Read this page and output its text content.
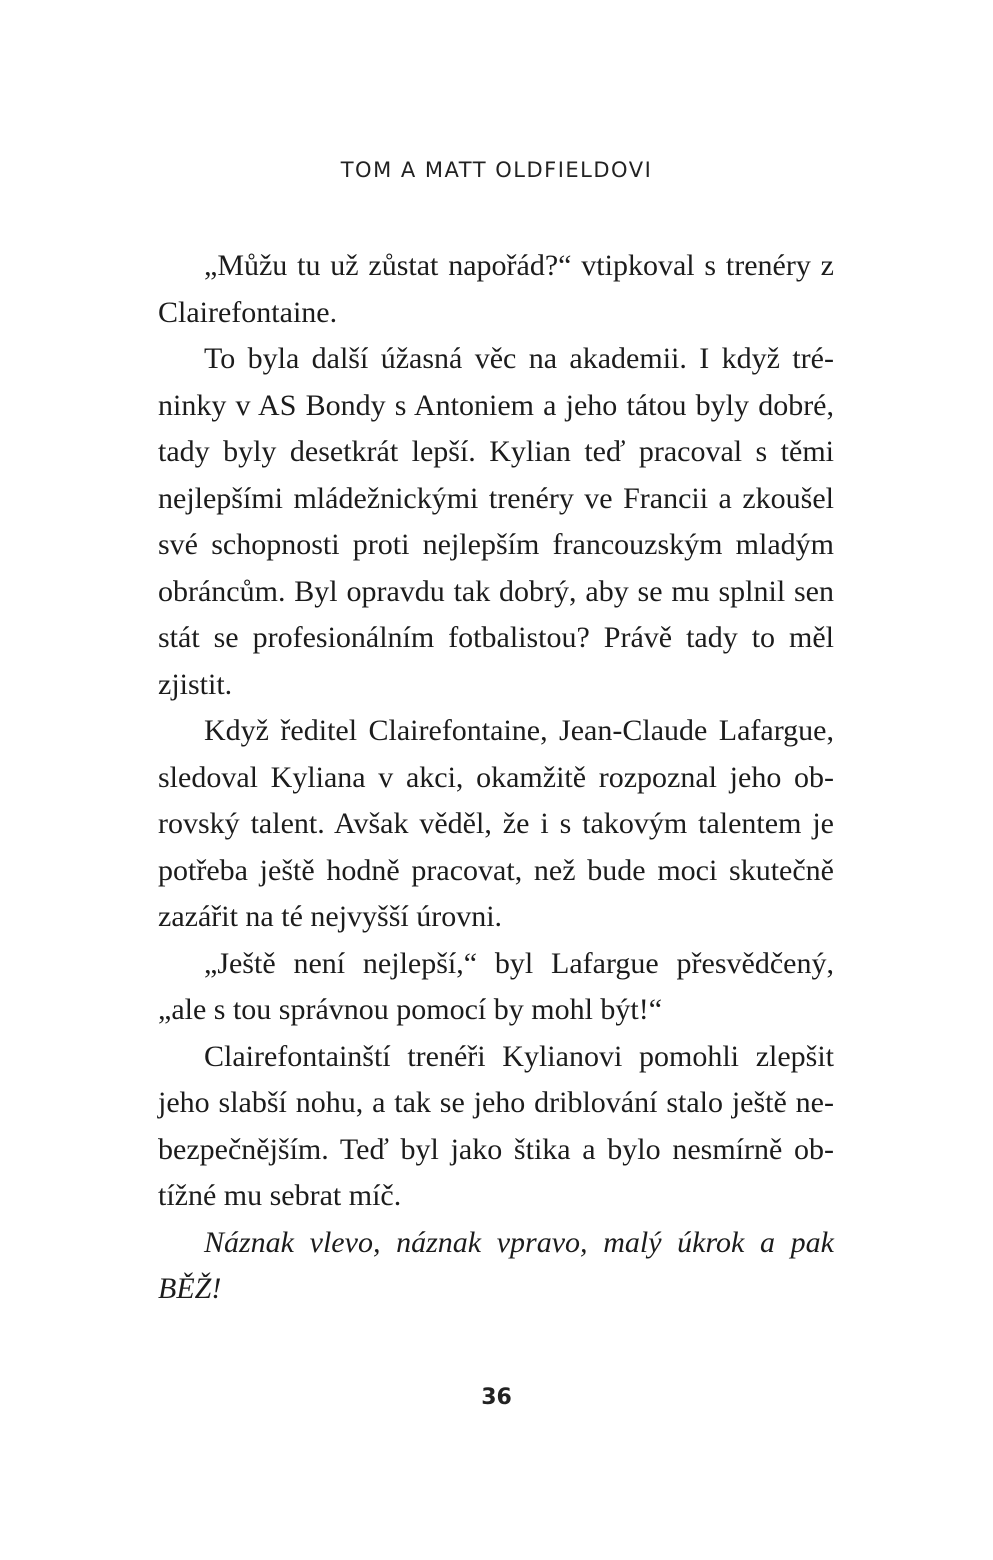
TOM A MATT OLDFIELDOVI

„Můžu tu už zůstat napořád?“ vtipkoval s trenéry z Clairefontaine.

To byla další úžasná věc na akademii. I když tréninky v AS Bondy s Antoniem a jeho tátou byly dobré, tady byly desetkrát lepší. Kylian teď pracoval s těmi nejlepšími mládežnickými trenéry ve Francii a zkoušel své schopnosti proti nejlepším francouzským mladým obráncům. Byl opravdu tak dobrý, aby se mu splnil sen stát se profesionálním fotbalistou? Právě tady to měl zjistit.

Když ředitel Clairefontaine, Jean-Claude Lafargue, sledoval Kyliana v akci, okamžitě rozpoznal jeho obrovský talent. Avšak věděl, že i s takovým talentem je potřeba ještě hodně pracovat, než bude moci skutečně zazářit na té nejvyšší úrovni.

„Ještě není nejlepší,“ byl Lafargue přesvědčený, „ale s tou správnou pomocí by mohl být!“

Clairefontainští trenéři Kylianovi pomohli zlepšit jeho slabší nohu, a tak se jeho driblování stalo ještě nebezpečnějším. Teď byl jako štika a bylo nesmírně obtížné mu sebrat míč.

Náznak vlevo, náznak vpravo, malý úkrok a pak BĚŽ!

36
